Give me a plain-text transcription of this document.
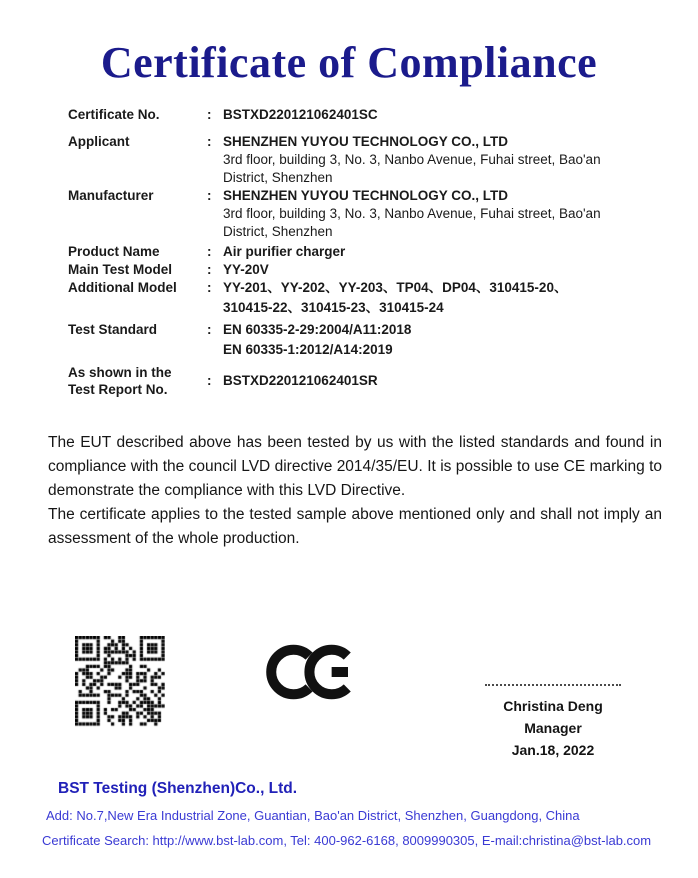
Certificate of Compliance
Certificate No.	: BSTXD220121062401SC
Applicant	: SHENZHEN YUYOU TECHNOLOGY CO., LTD
3rd floor, building 3, No. 3, Nanbo Avenue, Fuhai street, Bao'an
District, Shenzhen
Manufacturer	: SHENZHEN YUYOU TECHNOLOGY CO., LTD
3rd floor, building 3, No. 3, Nanbo Avenue, Fuhai street, Bao'an
District, Shenzhen
Product Name	: Air purifier charger
Main Test Model	: YY-20V
Additional Model	: YY-201、YY-202、YY-203、TP04、DP04、310415-20、
310415-22、310415-23、310415-24
Test Standard	: EN 60335-2-29:2004/A11:2018
EN 60335-1:2012/A14:2019
As shown in the
Test Report No.
: BSTXD220121062401SR

The EUT described above has been tested by us with the listed standards and found in compliance with the council LVD directive 2014/35/EU. It is possible to use CE marking to demonstrate the compliance with this LVD Directive.

The certificate applies to the tested sample above mentioned only and shall not imply an assessment of the whole production.

Christina Deng
Manager
Jan.18, 2022
BST Testing (Shenzhen)Co., Ltd.
Add: No.7,New Era Industrial Zone, Guantian, Bao'an District, Shenzhen, Guangdong, China
Certificate Search: http://www.bst-lab.com, Tel: 400-962-6168, 8009990305, E-mail:christina@bst-lab.com
